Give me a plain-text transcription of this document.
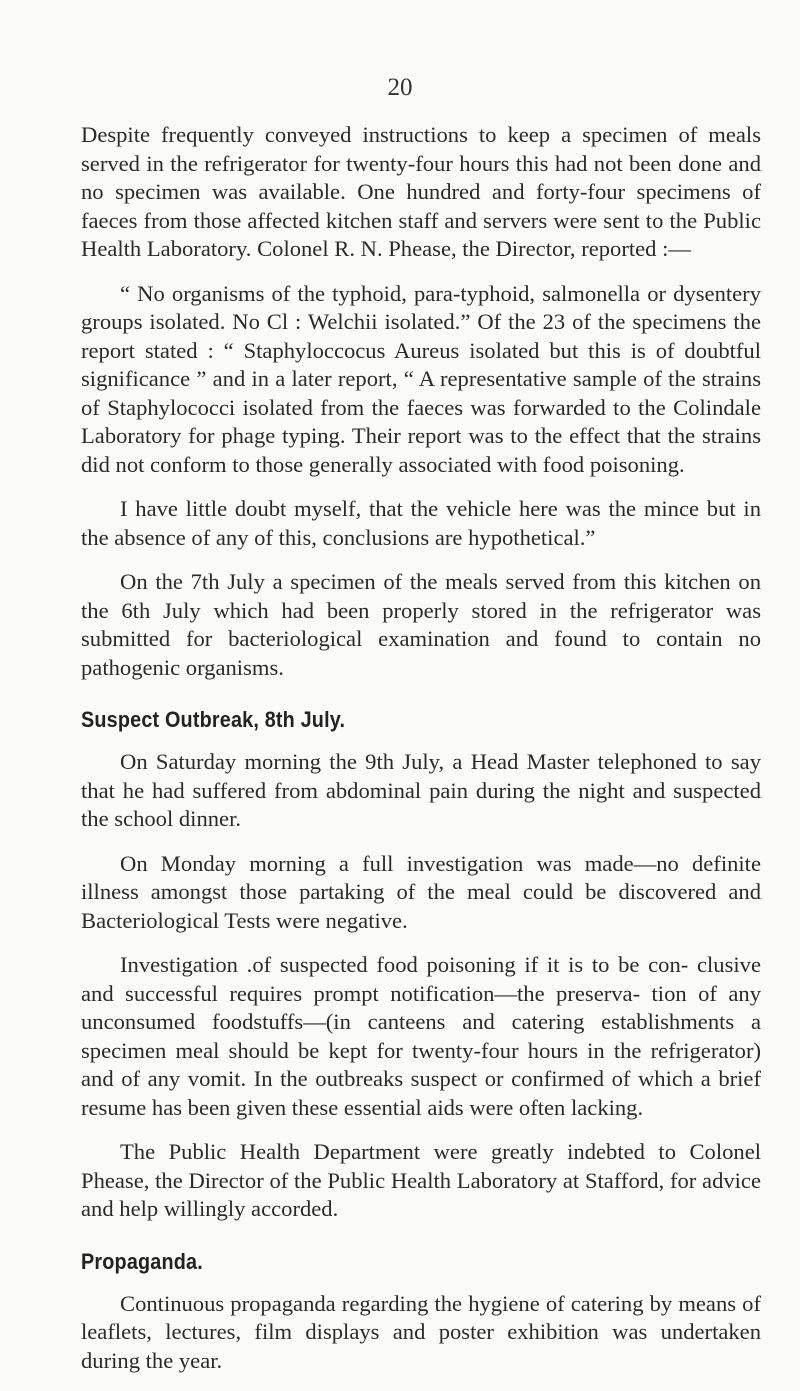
20

Despite frequently conveyed instructions to keep a specimen of meals served in the refrigerator for twenty-four hours this had not been done and no specimen was available. One hundred and forty-four specimens of faeces from those affected kitchen staff and servers were sent to the Public Health Laboratory. Colonel R. N. Phease, the Director, reported :—

“ No organisms of the typhoid, para-typhoid, salmonella or dysentery groups isolated. No Cl : Welchii isolated.” Of the 23 of the specimens the report stated : “ Staphyloccocus Aureus isolated but this is of doubtful significance ” and in a later report, “ A representative sample of the strains of Staphylococci isolated from the faeces was forwarded to the Colindale Laboratory for phage typing. Their report was to the effect that the strains did not conform to those generally associated with food poisoning.

I have little doubt myself, that the vehicle here was the mince but in the absence of any of this, conclusions are hypothetical.”

On the 7th July a specimen of the meals served from this kitchen on the 6th July which had been properly stored in the refrigerator was submitted for bacteriological examination and found to contain no pathogenic organisms.

Suspect Outbreak, 8th July.

On Saturday morning the 9th July, a Head Master telephoned to say that he had suffered from abdominal pain during the night and suspected the school dinner.

On Monday morning a full investigation was made—no definite illness amongst those partaking of the meal could be discovered and Bacteriological Tests were negative.

Investigation .of suspected food poisoning if it is to be con- clusive and successful requires prompt notification—the preserva- tion of any unconsumed foodstuffs—(in canteens and catering establishments a specimen meal should be kept for twenty-four hours in the refrigerator) and of any vomit. In the outbreaks suspect or confirmed of which a brief resume has been given these essential aids were often lacking.

The Public Health Department were greatly indebted to Colonel Phease, the Director of the Public Health Laboratory at Stafford, for advice and help willingly accorded.

Propaganda.

Continuous propaganda regarding the hygiene of catering by means of leaflets, lectures, film displays and poster exhibition was undertaken during the year.
